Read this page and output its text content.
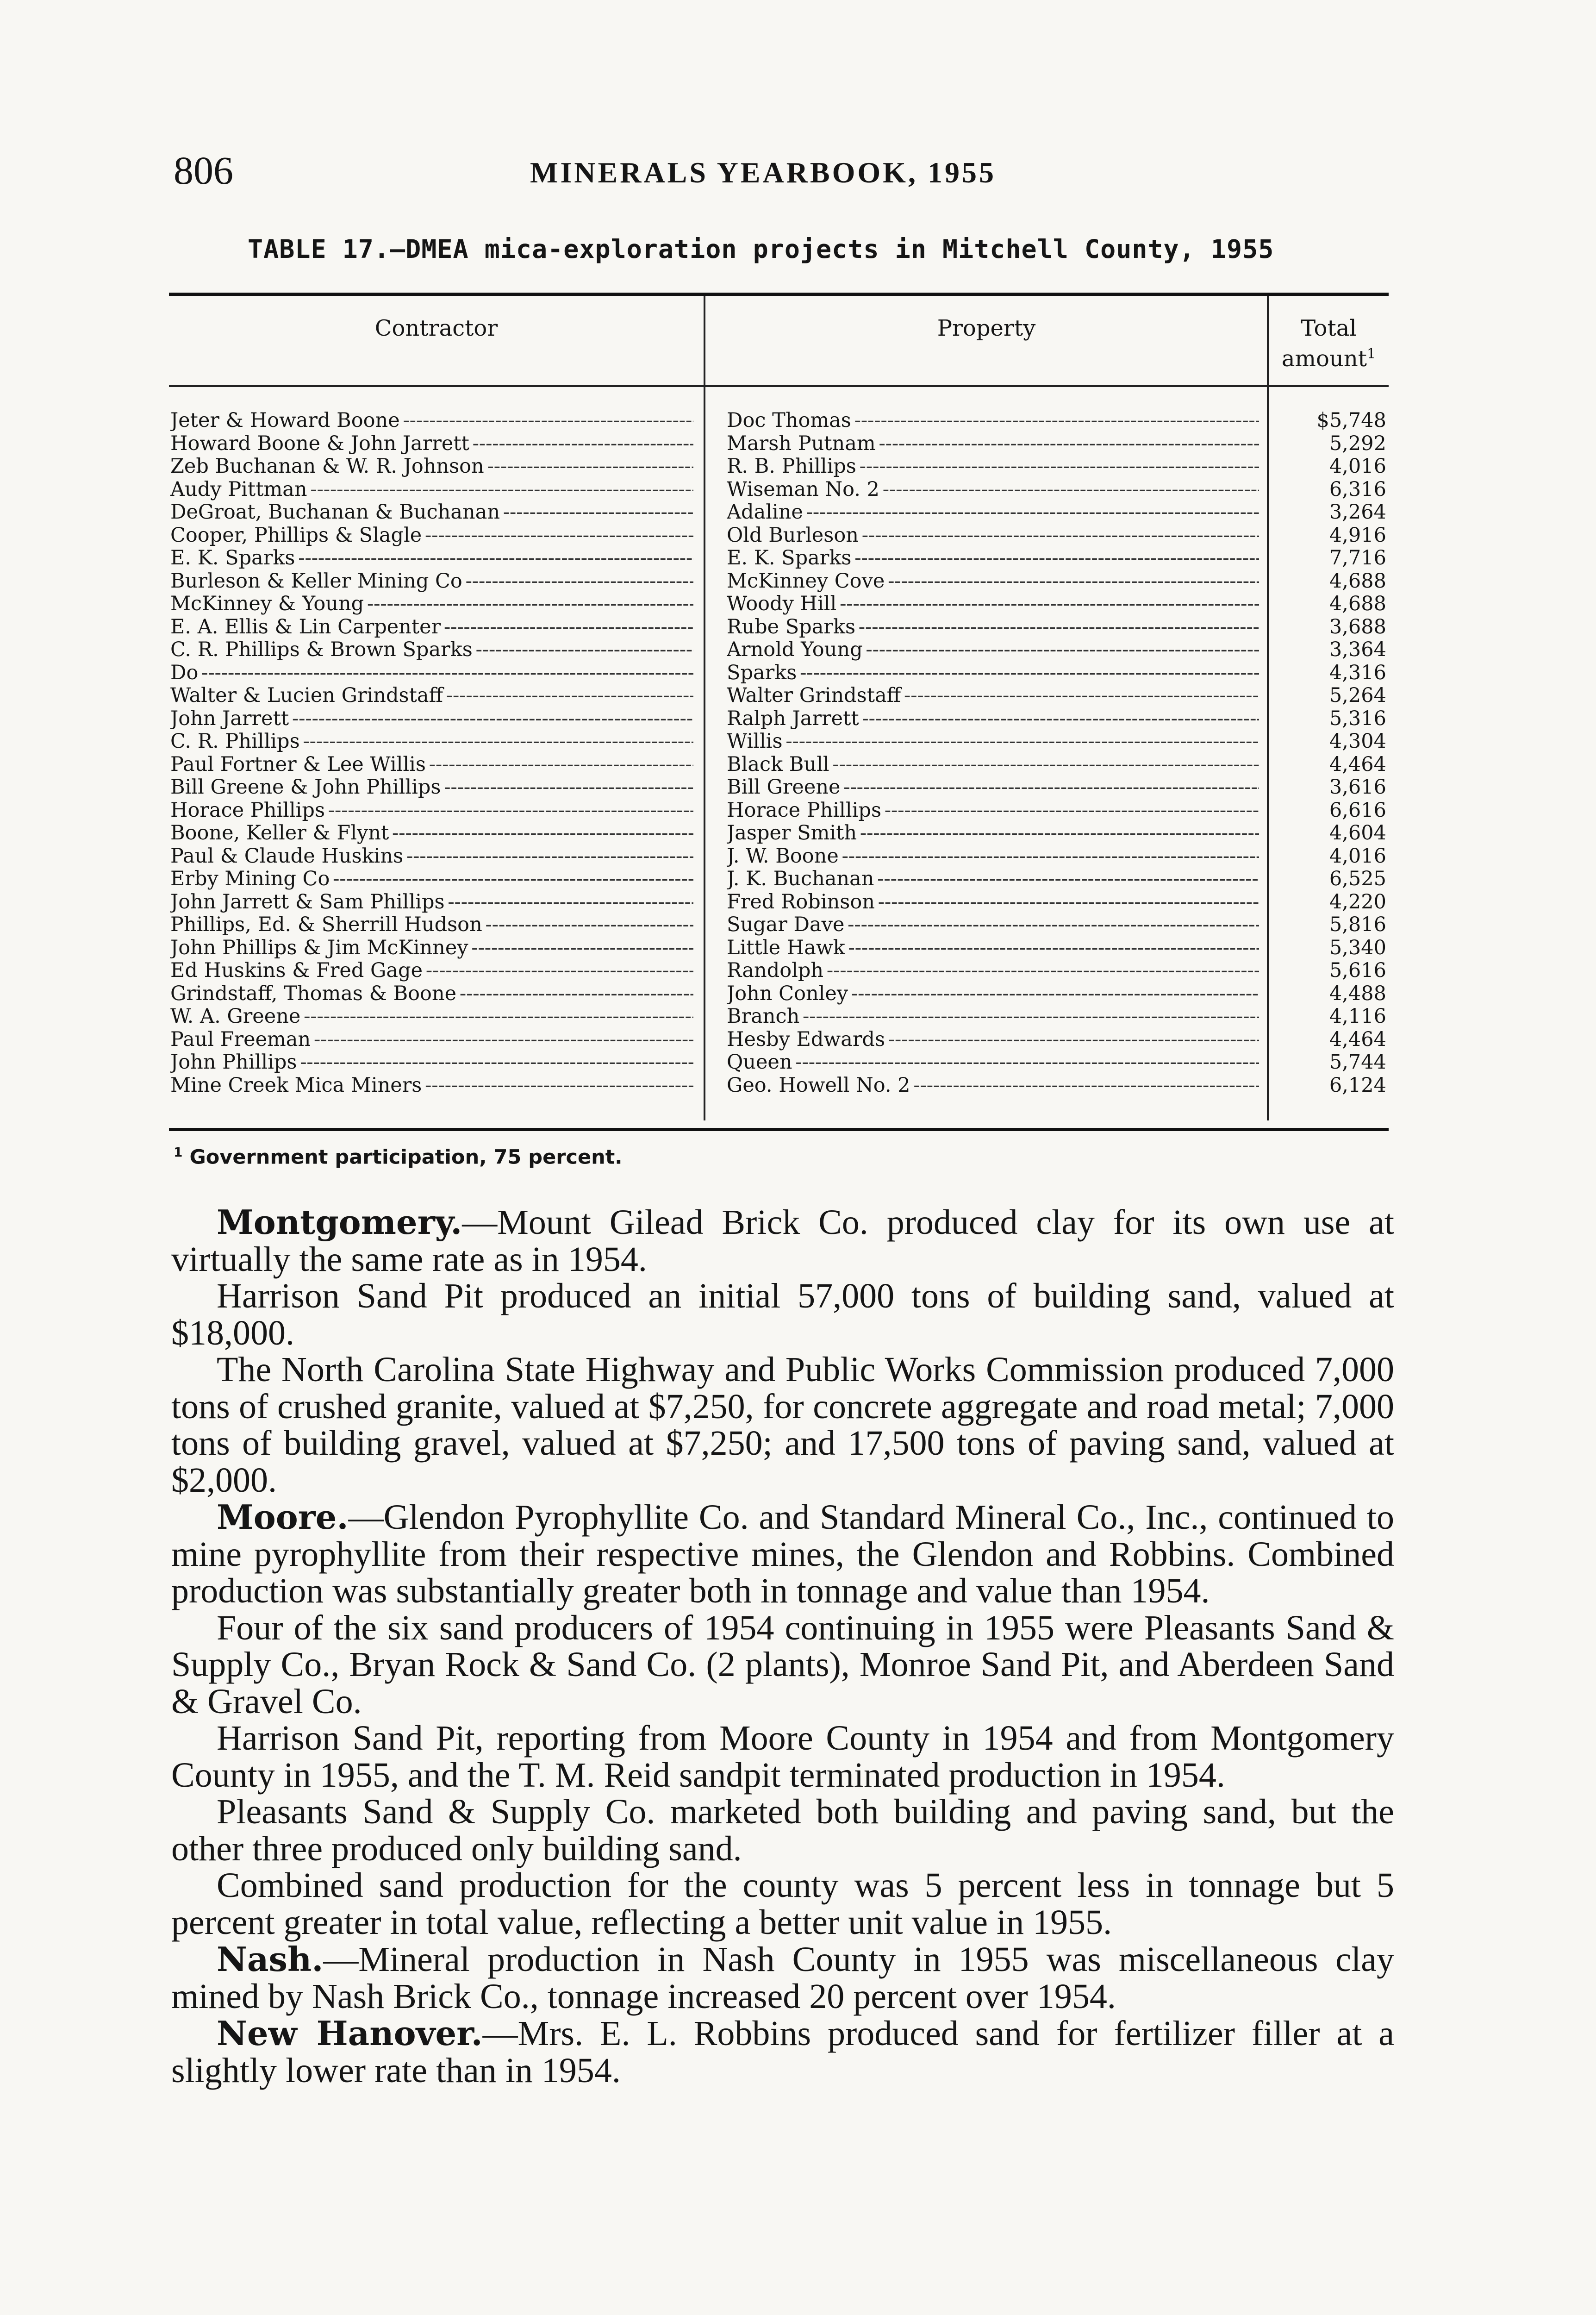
806	MINERALS YEARBOOK, 1955
TABLE 17.—DMEA mica-exploration projects in Mitchell County, 1955
Contractor	Property	Total amount$^1$
Jeter & Howard Boone - - -	Doc Thomas - - -	$5,748
Howard Boone & John Jarrett - - -	Marsh Putnam - - -	5,292
Zeb Buchanan & W. R. Johnson - - -	R. B. Phillips - - -	4,016
Audy Pittman - - -	Wiseman No. 2 - - -	6,316
DeGroat, Buchanan & Buchanan - - -	Adaline - - -	3,264
Cooper, Phillips & Slagle - - -	Old Burleson - - -	4,916
E. K. Sparks - - -	E. K. Sparks - - -	7,716
Burleson & Keller Mining Co - - -	McKinney Cove - - -	4,688
McKinney & Young - - -	Woody Hill - - -	4,688
E. A. Ellis & Lin Carpenter - - -	Rube Sparks - - -	3,688
C. R. Phillips & Brown Sparks - - -	Arnold Young - - -	3,364
Do - - -	Sparks - - -	4,316
Walter & Lucien Grindstaff - - -	Walter Grindstaff - - -	5,264
John Jarrett - - -	Ralph Jarrett - - -	5,316
C. R. Phillips - - -	Willis - - -	4,304
Paul Fortner & Lee Willis - - -	Black Bull - - -	4,464
Bill Greene & John Phillips - - -	Bill Greene - - -	3,616
Horace Phillips - - -	Horace Phillips - - -	6,616
Boone, Keller & Flynt - - -	Jasper Smith - - -	4,604
Paul & Claude Huskins - - -	J. W. Boone - - -	4,016
Erby Mining Co - - -	J. K. Buchanan - - -	6,525
John Jarrett & Sam Phillips - - -	Fred Robinson - - -	4,220
Phillips, Ed. & Sherrill Hudson - - -	Sugar Dave - - -	5,816
John Phillips & Jim McKinney - - -	Little Hawk - - -	5,340
Ed Huskins & Fred Gage - - -	Randolph - - -	5,616
Grindstaff, Thomas & Boone - - -	John Conley - - -	4,488
W. A. Greene - - -	Branch - - -	4,116
Paul Freeman - - -	Hesby Edwards - - -	4,464
John Phillips - - -	Queen - - -	5,744
Mine Creek Mica Miners - - -	Geo. Howell No. 2 - - -	6,124
$^1$ Government participation, 75 percent.

Montgomery.—Mount Gilead Brick Co. produced clay for its own use at virtually the same rate as in 1954.

Harrison Sand Pit produced an initial 57,000 tons of building sand, valued at $18,000.

The North Carolina State Highway and Public Works Commission produced 7,000 tons of crushed granite, valued at $7,250, for concrete aggregate and road metal; 7,000 tons of building gravel, valued at $7,250; and 17,500 tons of paving sand, valued at $2,000.

Moore.—Glendon Pyrophyllite Co. and Standard Mineral Co., Inc., continued to mine pyrophyllite from their respective mines, the Glendon and Robbins. Combined production was substantially greater both in tonnage and value than 1954.

Four of the six sand producers of 1954 continuing in 1955 were Pleasants Sand & Supply Co., Bryan Rock & Sand Co. (2 plants), Monroe Sand Pit, and Aberdeen Sand & Gravel Co.

Harrison Sand Pit, reporting from Moore County in 1954 and from Montgomery County in 1955, and the T. M. Reid sandpit terminated production in 1954.

Pleasants Sand & Supply Co. marketed both building and paving sand, but the other three produced only building sand.

Combined sand production for the county was 5 percent less in tonnage but 5 percent greater in total value, reflecting a better unit value in 1955.

Nash.—Mineral production in Nash County in 1955 was miscellaneous clay mined by Nash Brick Co., tonnage increased 20 percent over 1954.

New Hanover.—Mrs. E. L. Robbins produced sand for fertilizer filler at a slightly lower rate than in 1954.
